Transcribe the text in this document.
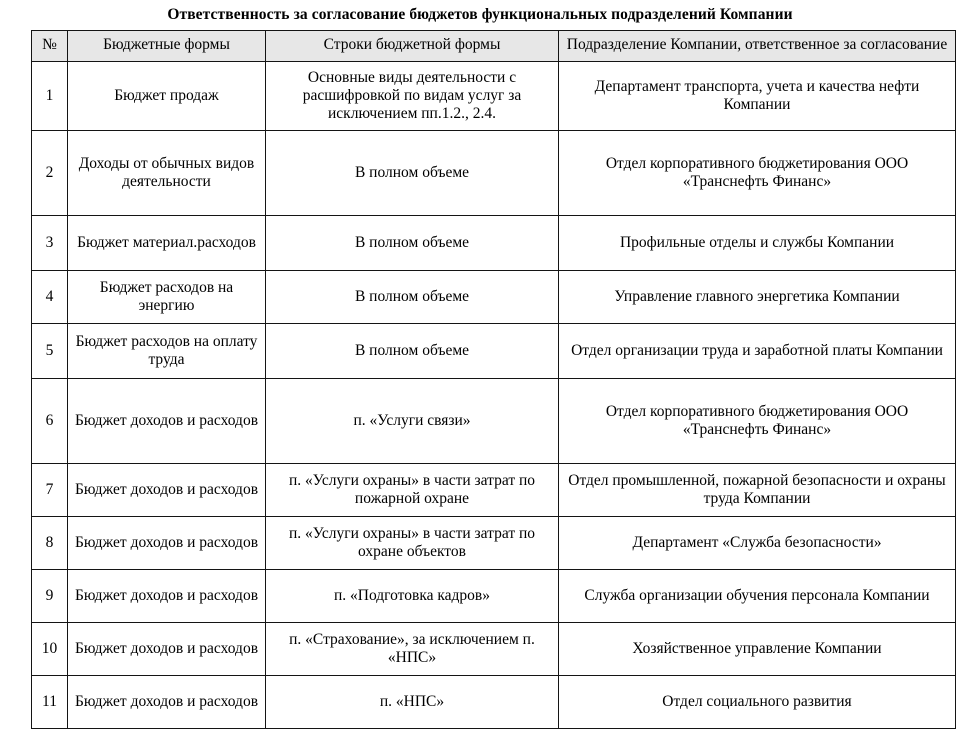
Ответственность за согласование бюджетов функциональных подразделений Компании
№	Бюджетные формы	Строки бюджетной формы	Подразделение Компании, ответственное за согласование
1	Бюджет продаж	Основные виды деятельности с расшифровкой по видам услуг за исключением пп.1.2., 2.4.	Департамент транспорта, учета и качества нефти Компании
2	Доходы от обычных видов деятельности	В полном объеме	Отдел корпоративного бюджетирования ООО «Транснефть Финанс»
3	Бюджет материал.расходов	В полном объеме	Профильные отделы и службы Компании
4	Бюджет расходов на энергию	В полном объеме	Управление главного энергетика Компании
5	Бюджет расходов на оплату труда	В полном объеме	Отдел организации труда и заработной платы Компании
6	Бюджет доходов и расходов	п. «Услуги связи»	Отдел корпоративного бюджетирования ООО «Транснефть Финанс»
7	Бюджет доходов и расходов	п. «Услуги охраны» в части затрат по пожарной охране	Отдел промышленной, пожарной безопасности и охраны труда Компании
8	Бюджет доходов и расходов	п. «Услуги охраны» в части затрат по охране объектов	Департамент «Служба безопасности»
9	Бюджет доходов и расходов	п. «Подготовка кадров»	Служба организации обучения персонала Компании
10	Бюджет доходов и расходов	п. «Страхование», за исключением п. «НПС»	Хозяйственное управление Компании
11	Бюджет доходов и расходов	п. «НПС»	Отдел социального развития
